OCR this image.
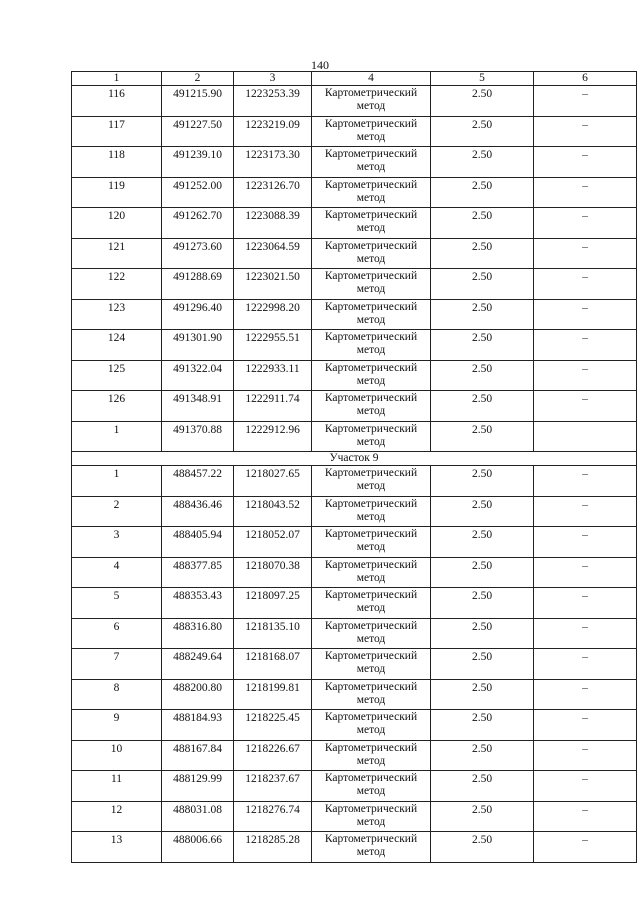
140
1	2	3	4	5	6
116	491215.90	1223253.39	Картометрический метод	2.50	–
117	491227.50	1223219.09	Картометрический метод	2.50	–
118	491239.10	1223173.30	Картометрический метод	2.50	–
119	491252.00	1223126.70	Картометрический метод	2.50	–
120	491262.70	1223088.39	Картометрический метод	2.50	–
121	491273.60	1223064.59	Картометрический метод	2.50	–
122	491288.69	1223021.50	Картометрический метод	2.50	–
123	491296.40	1222998.20	Картометрический метод	2.50	–
124	491301.90	1222955.51	Картометрический метод	2.50	–
125	491322.04	1222933.11	Картометрический метод	2.50	–
126	491348.91	1222911.74	Картометрический метод	2.50	–
1	491370.88	1222912.96	Картометрический метод	2.50	
Участок 9					
1	488457.22	1218027.65	Картометрический метод	2.50	–
2	488436.46	1218043.52	Картометрический метод	2.50	–
3	488405.94	1218052.07	Картометрический метод	2.50	–
4	488377.85	1218070.38	Картометрический метод	2.50	–
5	488353.43	1218097.25	Картометрический метод	2.50	–
6	488316.80	1218135.10	Картометрический метод	2.50	–
7	488249.64	1218168.07	Картометрический метод	2.50	–
8	488200.80	1218199.81	Картометрический метод	2.50	–
9	488184.93	1218225.45	Картометрический метод	2.50	–
10	488167.84	1218226.67	Картометрический метод	2.50	–
11	488129.99	1218237.67	Картометрический метод	2.50	–
12	488031.08	1218276.74	Картометрический метод	2.50	–
13	488006.66	1218285.28	Картометрический метод	2.50	–
